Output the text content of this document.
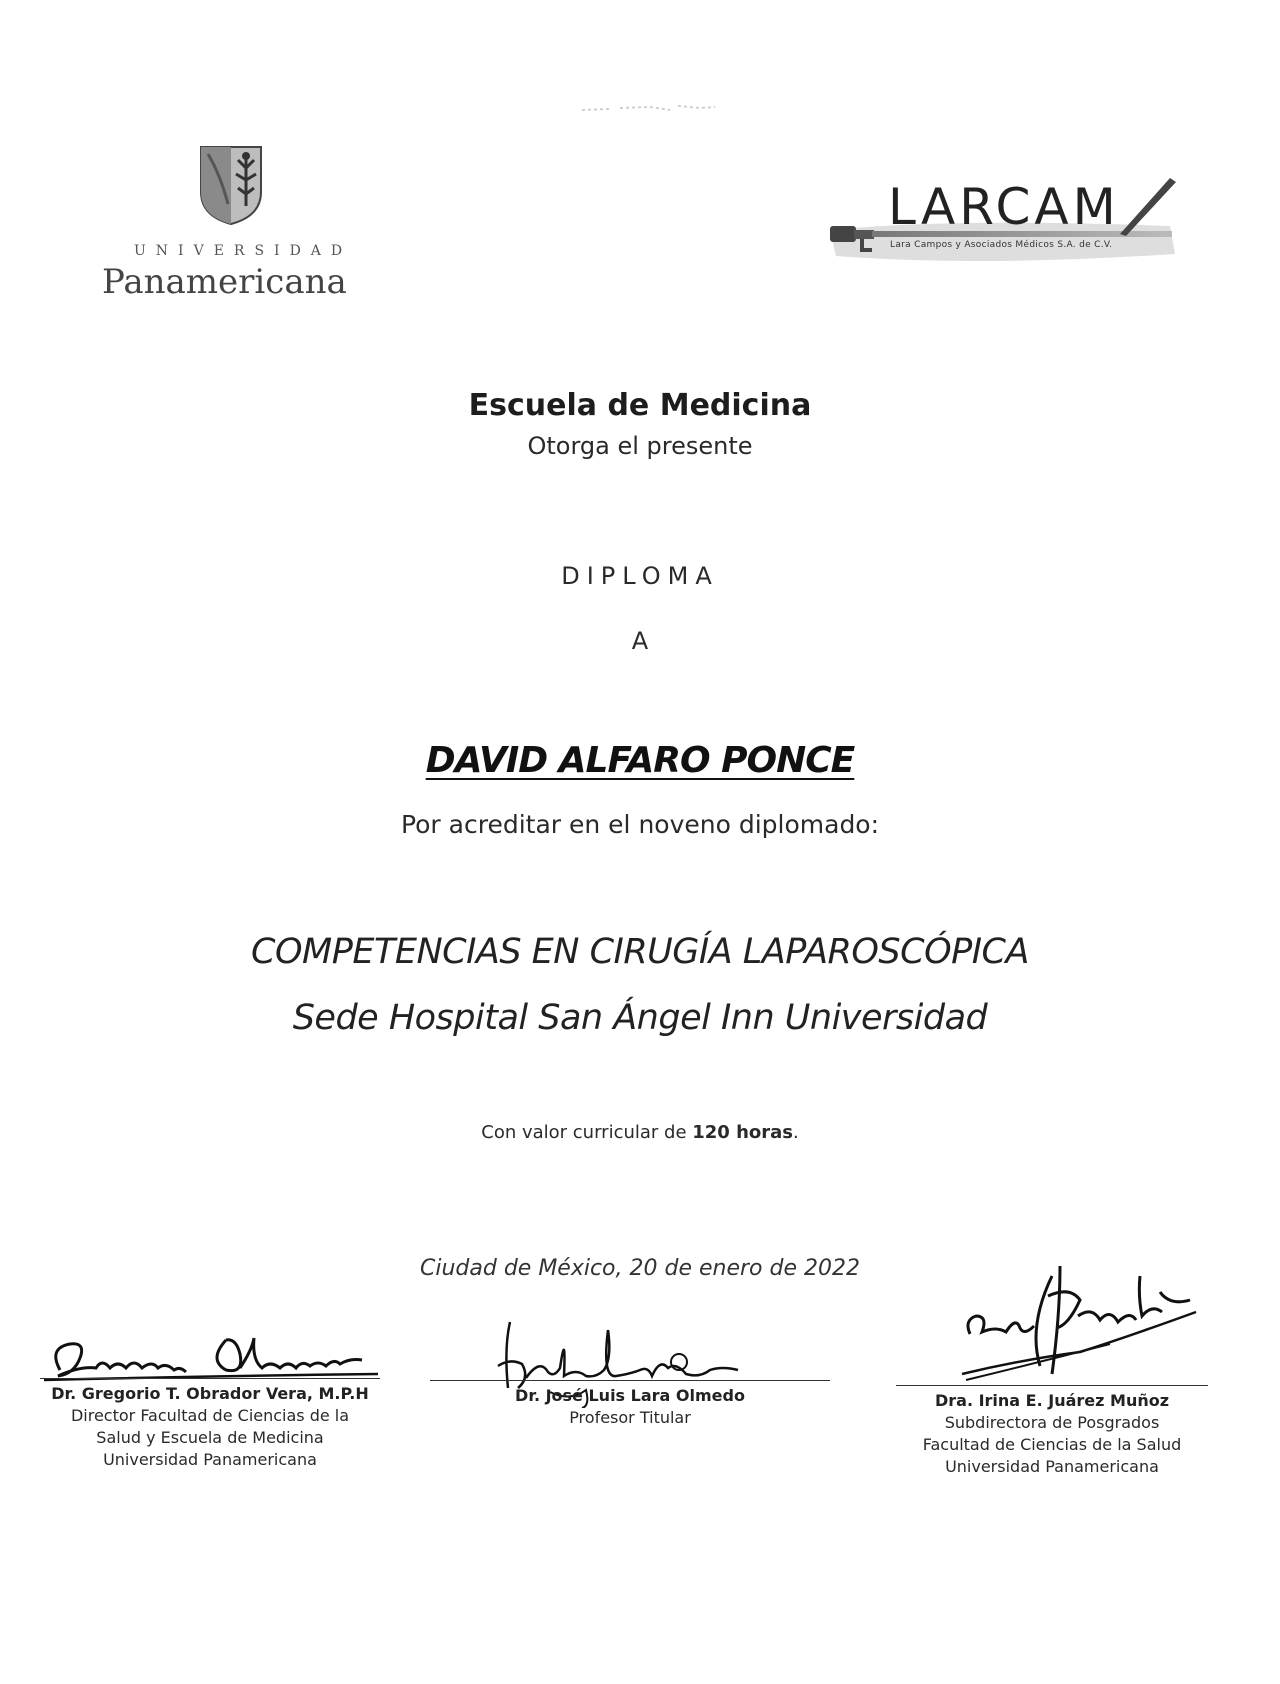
UNIVERSIDAD
Panamericana
LARCAM
Lara Campos y Asociados Médicos S.A. de C.V.
Escuela de Medicina
Otorga el presente
DIPLOMA
A
DAVID ALFARO PONCE
Por acreditar en el noveno diplomado:
COMPETENCIAS EN CIRUGÍA LAPAROSCÓPICA
Sede Hospital San Ángel Inn Universidad
Con valor curricular de 120 horas.
Ciudad de México, 20 de enero de 2022
Dr. Gregorio T. Obrador Vera, M.P.H
Director Facultad de Ciencias de la
Salud y Escuela de Medicina
Universidad Panamericana
Dr. José Luis Lara Olmedo
Profesor Titular
Dra. Irina E. Juárez Muñoz
Subdirectora de Posgrados
Facultad de Ciencias de la Salud
Universidad Panamericana
